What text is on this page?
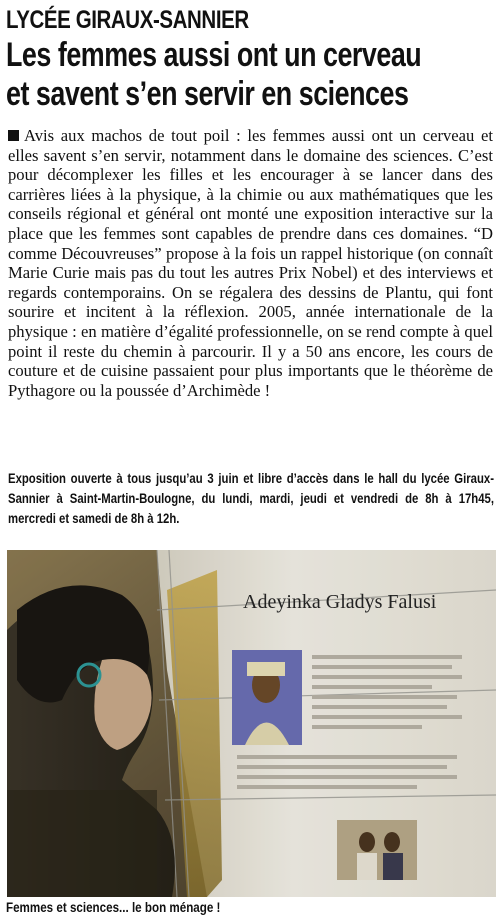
LYCÉE GIRAUX-SANNIER
Les femmes aussi ont un cerveau
et savent s’en servir en sciences
Avis aux machos de tout poil : les femmes aussi ont un cerveau et elles savent s’en servir, notamment dans le domaine des sciences. C’est pour décomplexer les filles et les encourager à se lancer dans des carrières liées à la physique, à la chimie ou aux mathématiques que les conseils régional et général ont monté une exposition interactive sur la place que les femmes sont capables de prendre dans ces domaines. “D comme Découvreuses” propose à la fois un rappel historique (on connaît Marie Curie mais pas du tout les autres Prix Nobel) et des interviews et regards contemporains. On se régalera des dessins de Plantu, qui font sourire et incitent à la réflexion. 2005, année internationale de la physique : en matière d’égalité professionnelle, on se rend compte à quel point il reste du chemin à parcourir. Il y a 50 ans encore, les cours de couture et de cuisine passaient pour plus importants que le théorème de Pythagore ou la poussée d’Archimède !
Exposition ouverte à tous jusqu’au 3 juin et libre d’accès dans le hall du lycée Giraux-Sannier à Saint-Martin-Boulogne, du lundi, mardi, jeudi et vendredi de 8h à 17h45, mercredi et samedi de 8h à 12h.
Adeyinka Gladys Falusi
Femmes et sciences... le bon ménage !
